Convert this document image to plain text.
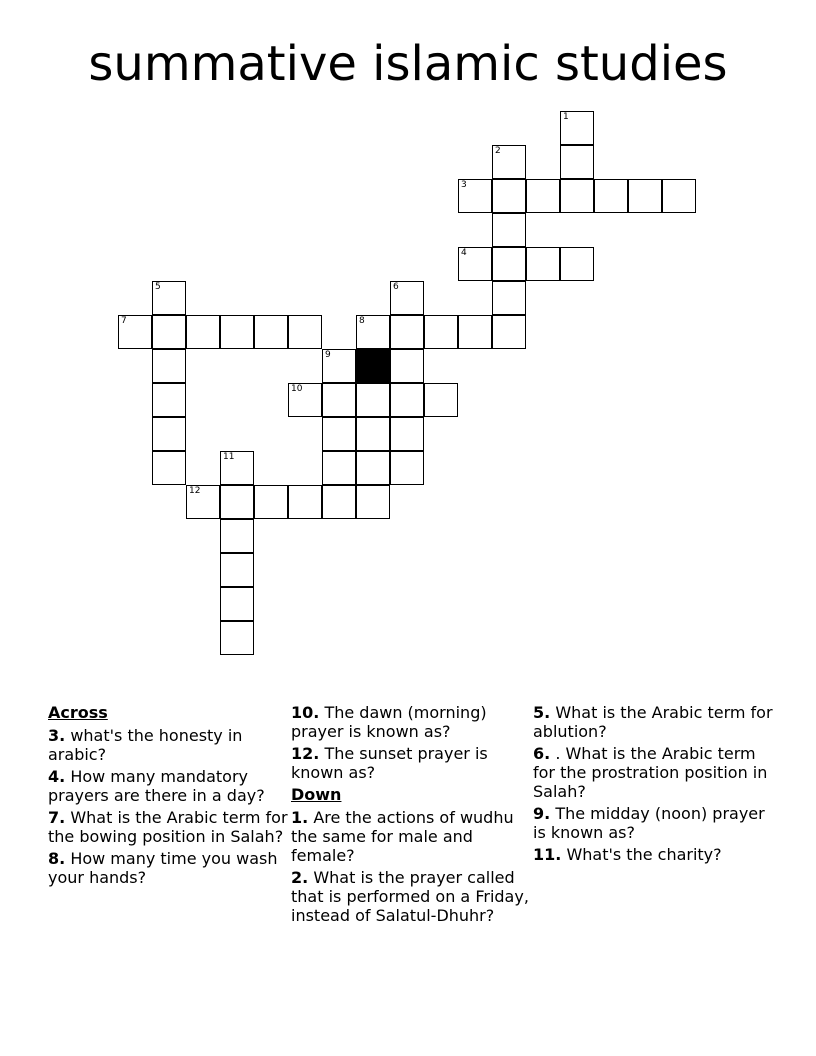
summative islamic studies
1
2
3
4
5	6
7	8
9
10
11
12
Across
3. what's the honesty in arabic?
4. How many mandatory prayers are there in a day?
7. What is the Arabic term for the bowing position in Salah?
8. How many time you wash your hands?
10. The dawn (morning) prayer is known as?
12. The sunset prayer is known as?
Down
1. Are the actions of wudhu the same for male and female?
2. What is the prayer called that is performed on a Friday, instead of Salatul-Dhuhr?
5. What is the Arabic term for ablution?
6. . What is the Arabic term for the prostration position in Salah?
9. The midday (noon) prayer is known as?
11. What's the charity?
